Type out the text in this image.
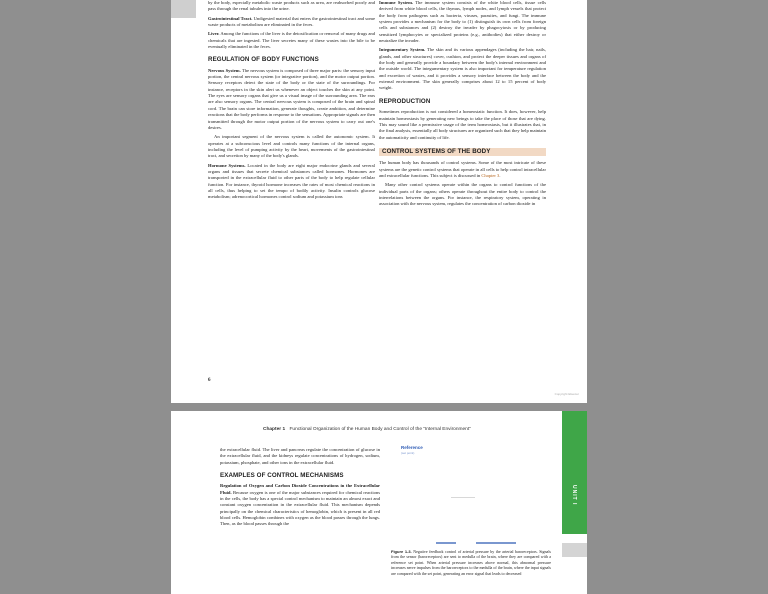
by the body, especially metabolic waste products such as urea, are reabsorbed poorly and pass through the renal tubules into the urine.

Gastrointestinal Tract. Undigested material that enters the gastrointestinal tract and some waste products of metabolism are eliminated in the feces.

Liver. Among the functions of the liver is the detoxification or removal of many drugs and chemicals that are ingested. The liver secretes many of these wastes into the bile to be eventually eliminated in the feces.

REGULATION OF BODY FUNCTIONS

Nervous System. The nervous system is composed of three major parts: the sensory input portion, the central nervous system (or integrative portion), and the motor output portion. Sensory receptors detect the state of the body or the state of the surroundings. For instance, receptors in the skin alert us whenever an object touches the skin at any point. The eyes are sensory organs that give us a visual image of the surrounding area. The ears are also sensory organs. The central nervous system is composed of the brain and spinal cord. The brain can store information, generate thoughts, create ambition, and determine reactions that the body performs in response to the sensations. Appropriate signals are then transmitted through the motor output portion of the nervous system to carry out one's desires.

An important segment of the nervous system is called the autonomic system. It operates at a subconscious level and controls many functions of the internal organs, including the level of pumping activity by the heart, movements of the gastrointestinal tract, and secretion by many of the body's glands.

Hormone Systems. Located in the body are eight major endocrine glands and several organs and tissues that secrete chemical substances called hormones. Hormones are transported in the extracellular fluid to other parts of the body to help regulate cellular function. For instance, thyroid hormone increases the rates of most chemical reactions in all cells, thus helping to set the tempo of bodily activity. Insulin controls glucose metabolism; adrenocortical hormones control sodium and potassium ions

Immune System. The immune system consists of the white blood cells, tissue cells derived from white blood cells, the thymus, lymph nodes, and lymph vessels that protect the body from pathogens such as bacteria, viruses, parasites, and fungi. The immune system provides a mechanism for the body to (1) distinguish its own cells from foreign cells and substances and (2) destroy the invader by phagocytosis or by producing sensitized lymphocytes or specialized proteins (e.g., antibodies) that either destroy or neutralize the invader.

Integumentary System. The skin and its various appendages (including the hair, nails, glands, and other structures) cover, cushion, and protect the deeper tissues and organs of the body and generally provide a boundary between the body's internal environment and the outside world. The integumentary system is also important for temperature regulation and excretion of wastes, and it provides a sensory interface between the body and the external environment. The skin generally comprises about 12 to 15 percent of body weight.

REPRODUCTION

Sometimes reproduction is not considered a homeostatic function. It does, however, help maintain homeostasis by generating new beings to take the place of those that are dying. This may sound like a permissive usage of the term homeostasis, but it illustrates that, in the final analysis, essentially all body structures are organized such that they help maintain the automaticity and continuity of life.

CONTROL SYSTEMS OF THE BODY

The human body has thousands of control systems. Some of the most intricate of these systems are the genetic control systems that operate in all cells to help control intracellular and extracellular functions. This subject is discussed in Chapter 3.

Many other control systems operate within the organs to control functions of the individual parts of the organs; others operate throughout the entire body to control the interrelations between the organs. For instance, the respiratory system, operating in association with the nervous system, regulates the concentration of carbon dioxide in

6
Copyright Elsevier
Chapter 1 Functional Organization of the Human Body and Control of the “Internal Environment”
UNIT I

the extracellular fluid. The liver and pancreas regulate the concentration of glucose in the extracellular fluid, and the kidneys regulate concentrations of hydrogen, sodium, potassium, phosphate, and other ions in the extracellular fluid.

EXAMPLES OF CONTROL MECHANISMS

Regulation of Oxygen and Carbon Dioxide Concentrations in the Extracellular Fluid. Because oxygen is one of the major substances required for chemical reactions in the cells, the body has a special control mechanism to maintain an almost exact and constant oxygen concentration in the extracellular fluid. This mechanism depends principally on the chemical characteristics of hemoglobin, which is present in all red blood cells. Hemoglobin combines with oxygen as the blood passes through the lungs. Then, as the blood passes through the

Reference
(set point)
Figure 1-3. Negative feedback control of arterial pressure by the arterial baroreceptors. Signals from the sensor (baroreceptors) are sent to medulla of the brain, where they are compared with a reference set point. When arterial pressure increases above normal, this abnormal pressure increases nerve impulses from the baroreceptors to the medulla of the brain, where the input signals are compared with the set point, generating an error signal that leads to decreased
